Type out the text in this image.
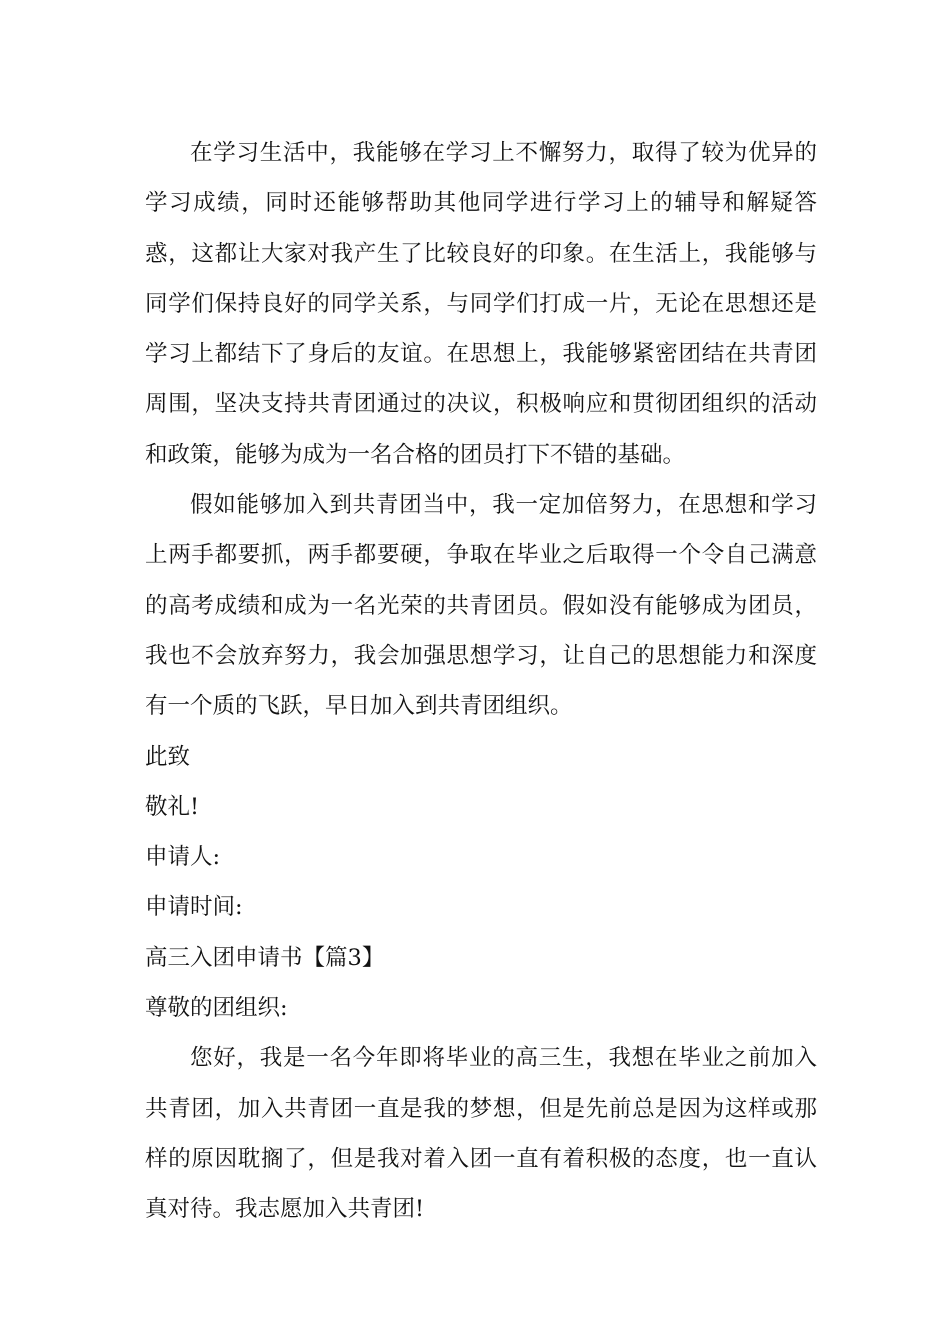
在学习生活中，我能够在学习上不懈努力，取得了较为优异的学习成绩，同时还能够帮助其他同学进行学习上的辅导和解疑答惑，这都让大家对我产生了比较良好的印象。在生活上，我能够与同学们保持良好的同学关系，与同学们打成一片，无论在思想还是学习上都结下了身后的友谊。在思想上，我能够紧密团结在共青团周围，坚决支持共青团通过的决议，积极响应和贯彻团组织的活动和政策，能够为成为一名合格的团员打下不错的基础。

假如能够加入到共青团当中，我一定加倍努力，在思想和学习上两手都要抓，两手都要硬，争取在毕业之后取得一个令自己满意的高考成绩和成为一名光荣的共青团员。假如没有能够成为团员，我也不会放弃努力，我会加强思想学习，让自己的思想能力和深度有一个质的飞跃，早日加入到共青团组织。

此致

敬礼!

申请人:

申请时间:

高三入团申请书【篇3】

尊敬的团组织:

您好，我是一名今年即将毕业的高三生，我想在毕业之前加入共青团，加入共青团一直是我的梦想，但是先前总是因为这样或那样的原因耽搁了，但是我对着入团一直有着积极的态度，也一直认真对待。我志愿加入共青团!
